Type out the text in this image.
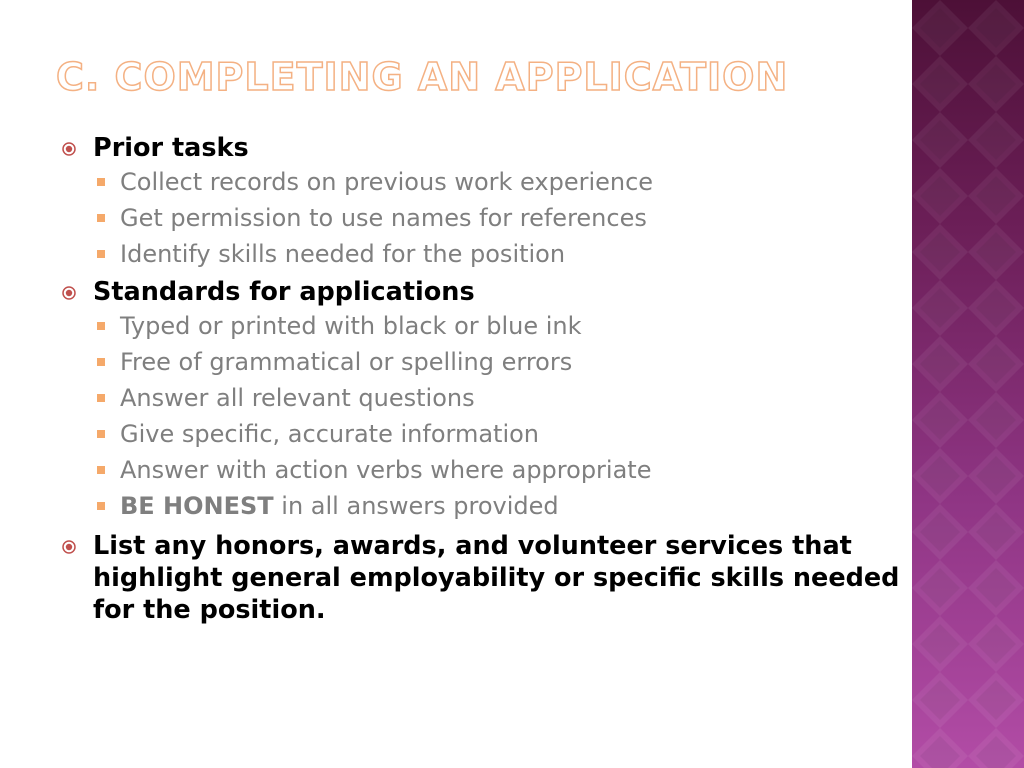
C. COMPLETING AN APPLICATION
Prior tasks
Collect records on previous work experience
Get permission to use names for references
Identify skills needed for the position
Standards for applications
Typed or printed with black or blue ink
Free of grammatical or spelling errors
Answer all relevant questions
Give specific, accurate information
Answer with action verbs where appropriate
BE HONEST in all answers provided
List any honors, awards, and volunteer services that highlight general employability or specific skills needed for the position.
